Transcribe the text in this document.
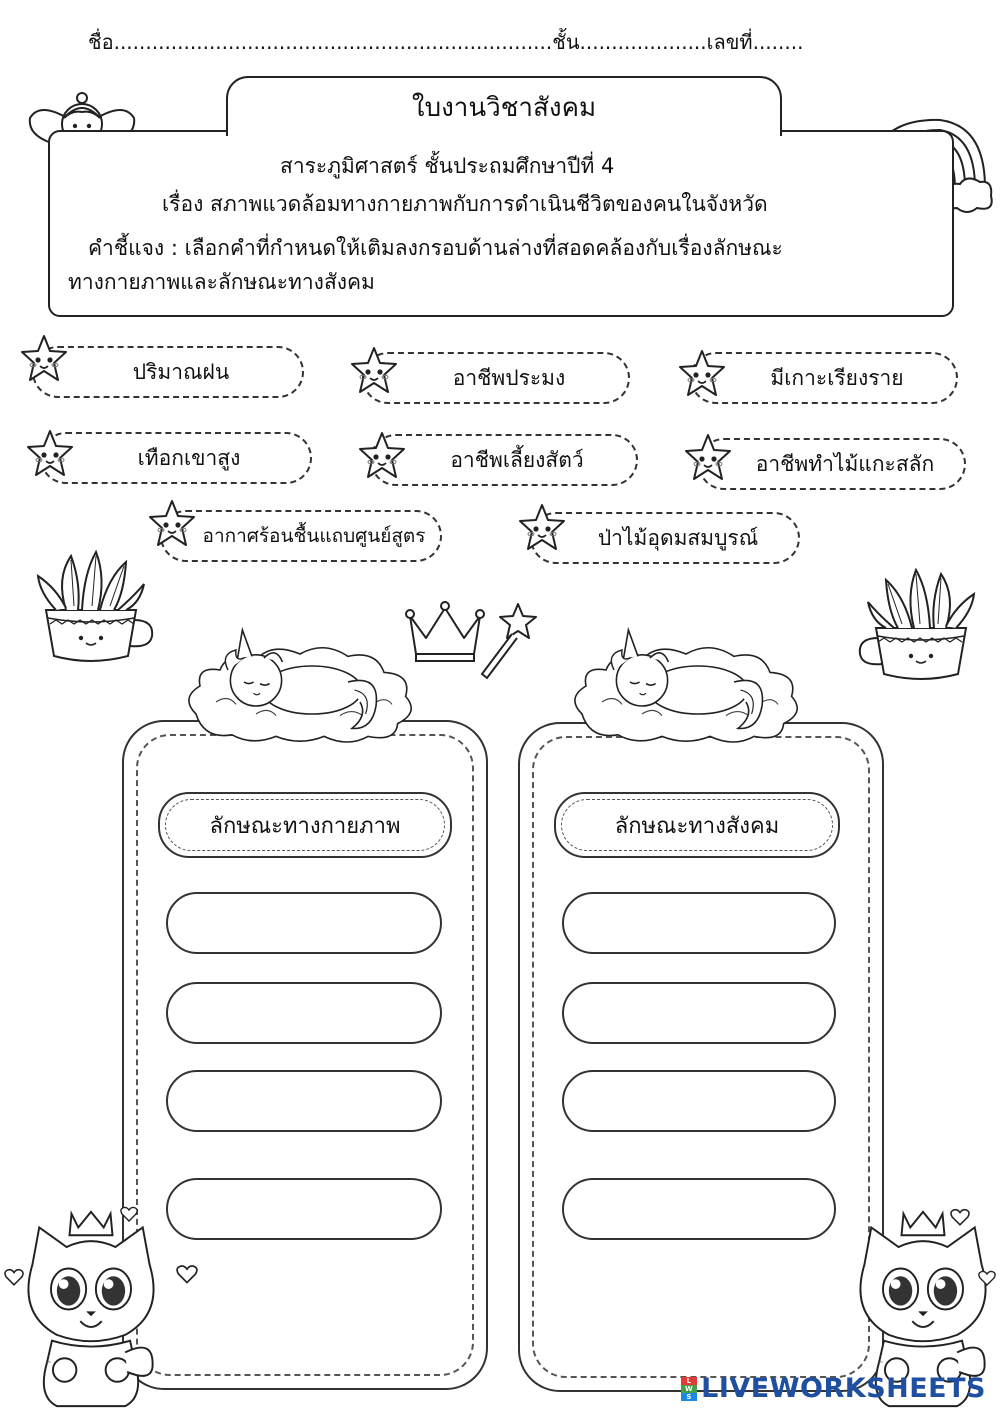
ชื่อ.....................................................................ชั้น....................เลขที่........
ใบงานวิชาสังคม
สาระภูมิศาสตร์ ชั้นประถมศึกษาปีที่ 4
เรื่อง สภาพแวดล้อมทางกายภาพกับการดำเนินชีวิตของคนในจังหวัด
คำชี้แจง : เลือกคำที่กำหนดให้เติมลงกรอบด้านล่างที่สอดคล้องกับเรื่องลักษณะ
ทางกายภาพและลักษณะทางสังคม
ปริมาณฝน	อาชีพประมง	มีเกาะเรียงราย
เทือกเขาสูง	อาชีพเลี้ยงสัตว์	อาชีพทำไม้แกะสลัก
อากาศร้อนชื้นแถบศูนย์สูตร	ป่าไม้อุดมสมบูรณ์
ลักษณะทางกายภาพ	ลักษณะทางสังคม
L
W
S LIVEWORKSHEETS
